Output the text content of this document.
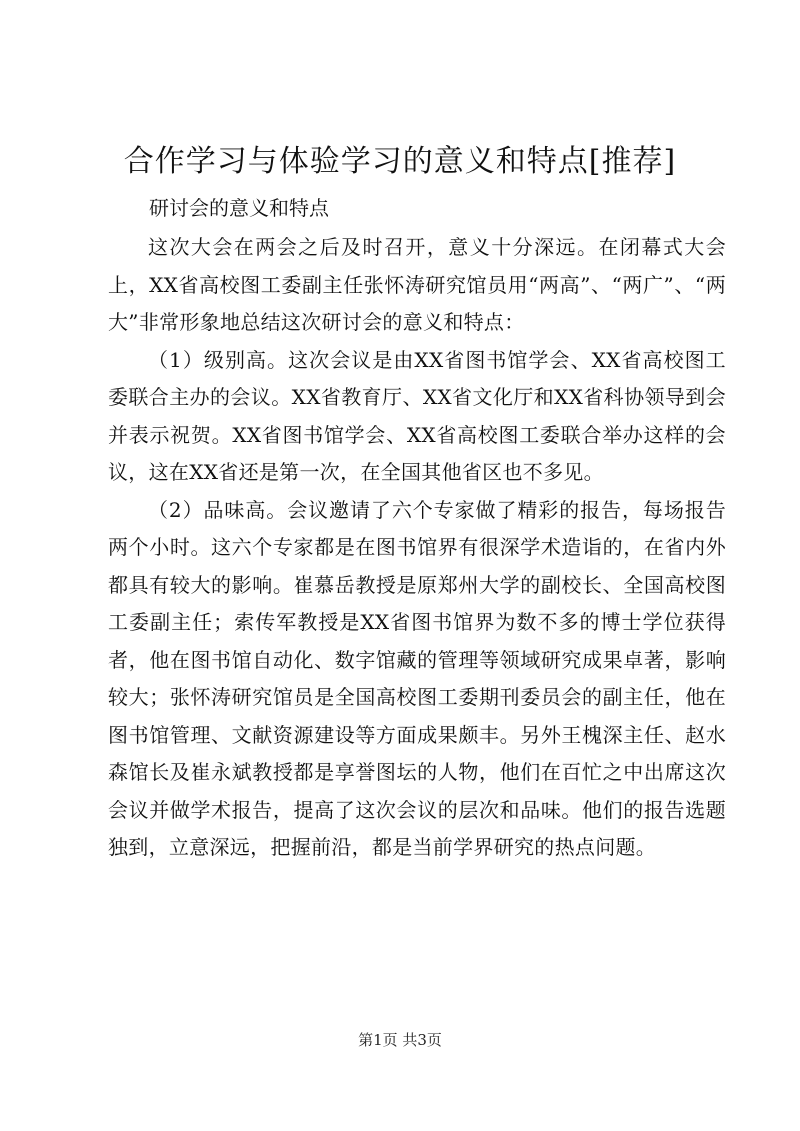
合作学习与体验学习的意义和特点[推荐]

研讨会的意义和特点

这次大会在两会之后及时召开，意义十分深远。在闭幕式大会上，XX省高校图工委副主任张怀涛研究馆员用“两高”、“两广”、“两大”非常形象地总结这次研讨会的意义和特点：

（1）级别高。这次会议是由XX省图书馆学会、XX省高校图工委联合主办的会议。XX省教育厅、XX省文化厅和XX省科协领导到会并表示祝贺。XX省图书馆学会、XX省高校图工委联合举办这样的会议，这在XX省还是第一次，在全国其他省区也不多见。

（2）品味高。会议邀请了六个专家做了精彩的报告，每场报告两个小时。这六个专家都是在图书馆界有很深学术造诣的，在省内外都具有较大的影响。崔慕岳教授是原郑州大学的副校长、全国高校图工委副主任；索传军教授是XX省图书馆界为数不多的博士学位获得者，他在图书馆自动化、数字馆藏的管理等领域研究成果卓著，影响较大；张怀涛研究馆员是全国高校图工委期刊委员会的副主任，他在图书馆管理、文献资源建设等方面成果颇丰。另外王槐深主任、赵水森馆长及崔永斌教授都是享誉图坛的人物，他们在百忙之中出席这次会议并做学术报告，提高了这次会议的层次和品味。他们的报告选题独到，立意深远，把握前沿，都是当前学界研究的热点问题。

第1页 共3页
